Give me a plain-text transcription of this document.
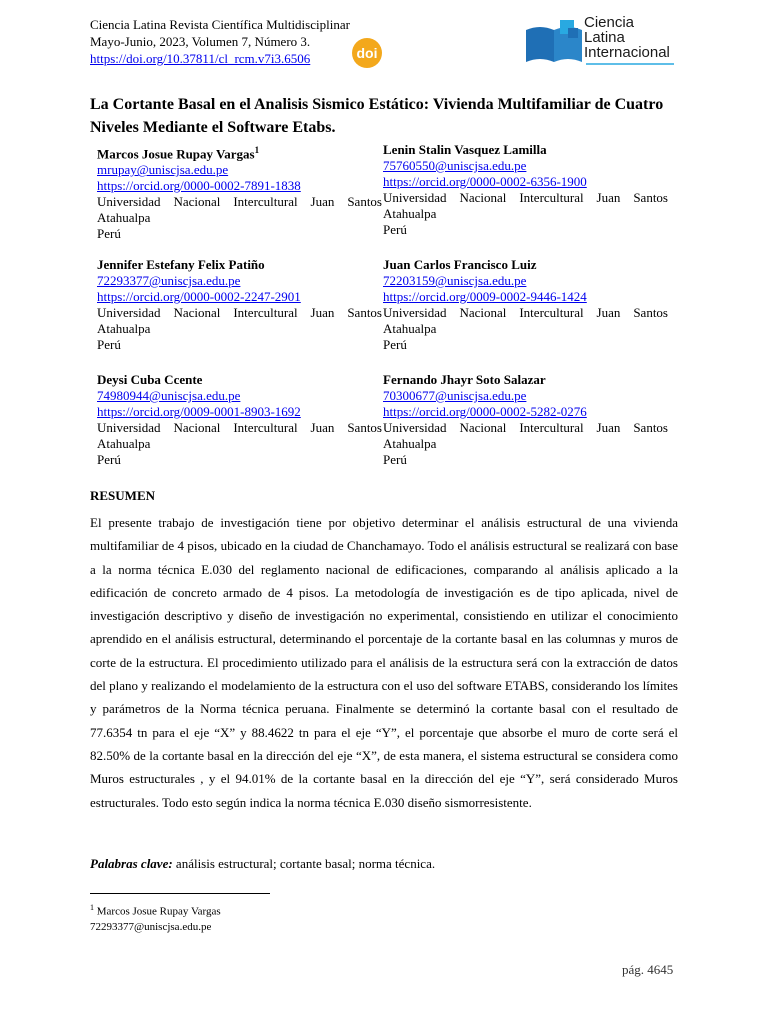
Ciencia Latina Revista Científica Multidisciplinar
Mayo-Junio, 2023, Volumen 7, Número 3.
https://doi.org/10.37811/cl_rcm.v7i3.6506	doi
Ciencia
Latina
Internacional
La Cortante Basal en el Analisis Sismico Estático: Vivienda Multifamiliar de Cuatro Niveles Mediante el Software Etabs.
Marcos Josue Rupay Vargas$^1$
mrupay@uniscjsa.edu.pe
https://orcid.org/0000-0002-7891-1838
Universidad Nacional Intercultural Juan Santos
Atahualpa
Perú
Lenin Stalin Vasquez Lamilla
75760550@uniscjsa.edu.pe
https://orcid.org/0000-0002-6356-1900
Universidad Nacional Intercultural Juan Santos
Atahualpa
Perú
Jennifer Estefany Felix Patiño
72293377@uniscjsa.edu.pe
https://orcid.org/0000-0002-2247-2901
Universidad Nacional Intercultural Juan Santos
Atahualpa
Perú
Juan Carlos Francisco Luiz
72203159@uniscjsa.edu.pe
https://orcid.org/0009-0002-9446-1424
Universidad Nacional Intercultural Juan Santos
Atahualpa
Perú
Deysi Cuba Ccente
74980944@uniscjsa.edu.pe
https://orcid.org/0009-0001-8903-1692
Universidad Nacional Intercultural Juan Santos
Atahualpa
Perú
Fernando Jhayr Soto Salazar
70300677@uniscjsa.edu.pe
https://orcid.org/0000-0002-5282-0276
Universidad Nacional Intercultural Juan Santos
Atahualpa
Perú
RESUMEN

El presente trabajo de investigación tiene por objetivo determinar el análisis estructural de una vivienda multifamiliar de 4 pisos, ubicado en la ciudad de Chanchamayo. Todo el análisis estructural se realizará con base a la norma técnica E.030 del reglamento nacional de edificaciones, comparando al análisis aplicado a la edificación de concreto armado de 4 pisos. La metodología de investigación es de tipo aplicada, nivel de investigación descriptivo y diseño de investigación no experimental, consistiendo en utilizar el conocimiento aprendido en el análisis estructural, determinando el porcentaje de la cortante basal en las columnas y muros de corte de la estructura. El procedimiento utilizado para el análisis de la estructura será con la extracción de datos del plano y realizando el modelamiento de la estructura con el uso del software ETABS, considerando los límites y parámetros de la Norma técnica peruana. Finalmente se determinó la cortante basal con el resultado de 77.6354 tn para el eje “X” y 88.4622 tn para el eje “Y”, el porcentaje que absorbe el muro de corte será el 82.50% de la cortante basal en la dirección del eje “X”, de esta manera, el sistema estructural se considera como Muros estructurales , y el 94.01% de la cortante basal en la dirección del eje “Y”, será considerado Muros estructurales. Todo esto según indica la norma técnica E.030 diseño sismorresistente.

Palabras clave: análisis estructural; cortante basal; norma técnica.
$^1$ Marcos Josue Rupay Vargas
72293377@uniscjsa.edu.pe
pág. 4645
